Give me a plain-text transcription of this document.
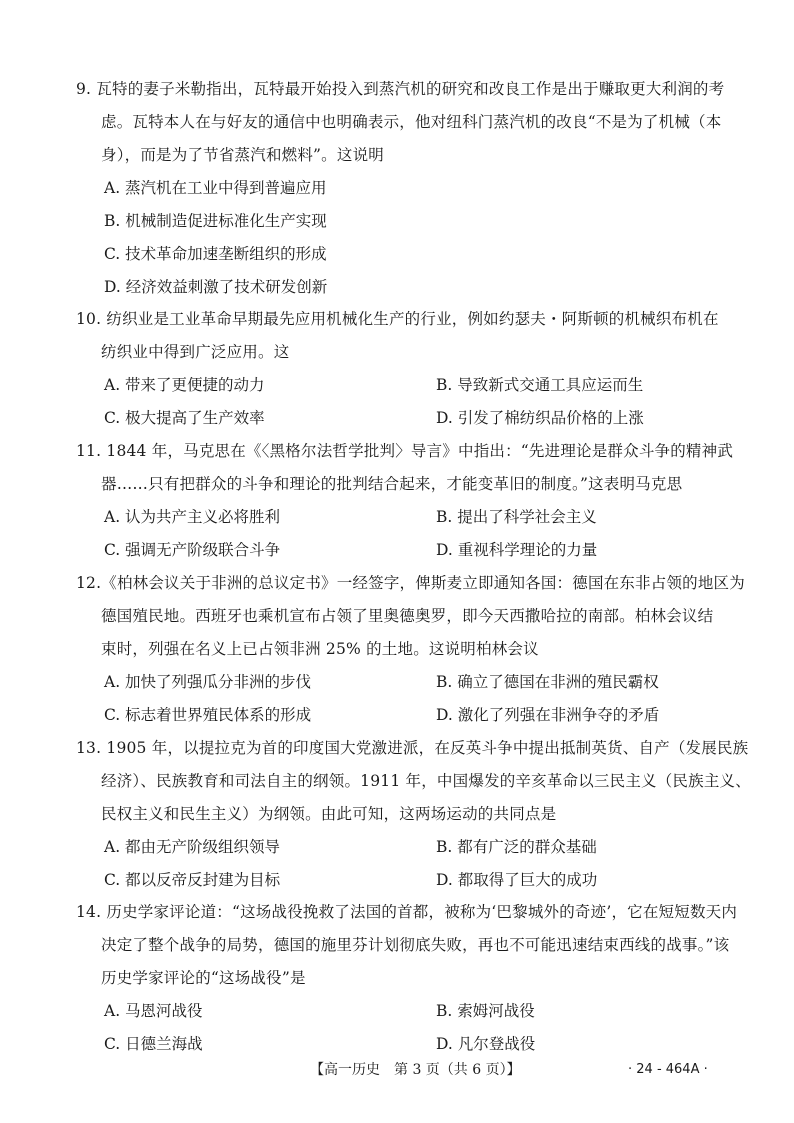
9. 瓦特的妻子米勒指出，瓦特最开始投入到蒸汽机的研究和改良工作是出于赚取更大利润的考
虑。瓦特本人在与好友的通信中也明确表示，他对纽科门蒸汽机的改良“不是为了机械（本
身），而是为了节省蒸汽和燃料”。这说明
A. 蒸汽机在工业中得到普遍应用
B. 机械制造促进标准化生产实现
C. 技术革命加速垄断组织的形成
D. 经济效益刺激了技术研发创新
10. 纺织业是工业革命早期最先应用机械化生产的行业，例如约瑟夫・阿斯顿的机械织布机在
纺织业中得到广泛应用。这
A. 带来了更便捷的动力	B. 导致新式交通工具应运而生
C. 极大提高了生产效率	D. 引发了棉纺织品价格的上涨
11. 1844 年，马克思在《〈黑格尔法哲学批判〉导言》中指出：“先进理论是群众斗争的精神武
器……只有把群众的斗争和理论的批判结合起来，才能变革旧的制度。”这表明马克思
A. 认为共产主义必将胜利	B. 提出了科学社会主义
C. 强调无产阶级联合斗争	D. 重视科学理论的力量
12.《柏林会议关于非洲的总议定书》一经签字，俾斯麦立即通知各国：德国在东非占领的地区为
德国殖民地。西班牙也乘机宣布占领了里奥德奥罗，即今天西撒哈拉的南部。柏林会议结
束时，列强在名义上已占领非洲 25% 的土地。这说明柏林会议
A. 加快了列强瓜分非洲的步伐	B. 确立了德国在非洲的殖民霸权
C. 标志着世界殖民体系的形成	D. 激化了列强在非洲争夺的矛盾
13. 1905 年，以提拉克为首的印度国大党激进派，在反英斗争中提出抵制英货、自产（发展民族
经济）、民族教育和司法自主的纲领。1911 年，中国爆发的辛亥革命以三民主义（民族主义、
民权主义和民生主义）为纲领。由此可知，这两场运动的共同点是
A. 都由无产阶级组织领导	B. 都有广泛的群众基础
C. 都以反帝反封建为目标	D. 都取得了巨大的成功
14. 历史学家评论道：“这场战役挽救了法国的首都，被称为‘巴黎城外的奇迹’，它在短短数天内
决定了整个战争的局势，德国的施里芬计划彻底失败，再也不可能迅速结束西线的战事。”该
历史学家评论的“这场战役”是
A. 马恩河战役	B. 索姆河战役
C. 日德兰海战	D. 凡尔登战役
【高一历史　第 3 页（共 6 页）】	· 24 - 464A ·
